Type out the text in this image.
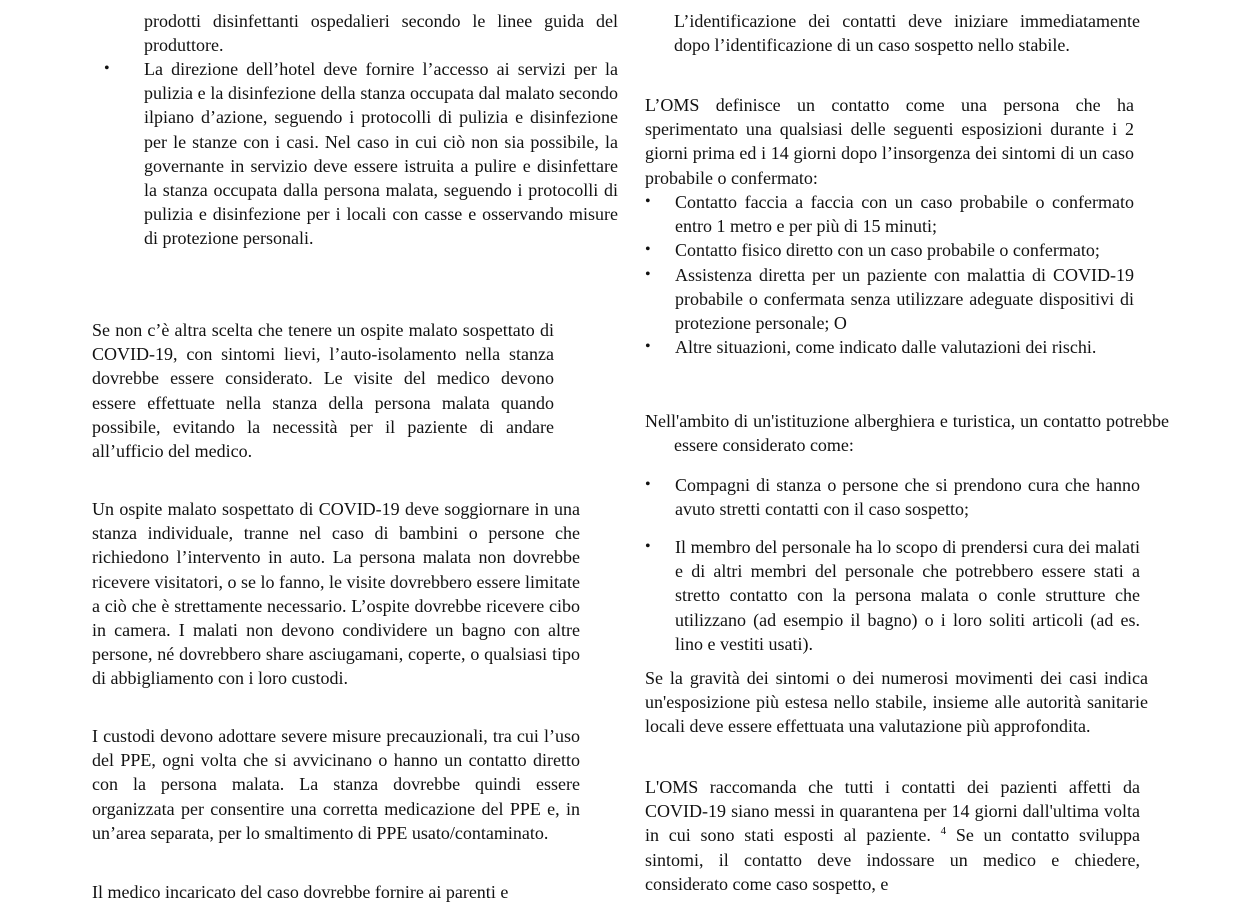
prodotti disinfettanti ospedalieri secondo le linee guida del produttore.
• La direzione dell’hotel deve fornire l’accesso ai servizi per la pulizia e la disinfezione della stanza occupata dal malato secondo ilpiano d’azione, seguendo i protocolli di pulizia e disinfezione per le stanze con i casi. Nel caso in cui ciò non sia possibile, la governante in servizio deve essere istruita a pulire e disinfettare la stanza occupata dalla persona malata, seguendo i protocolli di pulizia e disinfezione per i locali con casse e osservando misure di protezione personali.

Se non c’è altra scelta che tenere un ospite malato sospettato di COVID-19, con sintomi lievi, l’auto-isolamento nella stanza dovrebbe essere considerato. Le visite del medico devono essere effettuate nella stanza della persona malata quando possibile, evitando la necessità per il paziente di andare all’ufficio del medico.

Un ospite malato sospettato di COVID-19 deve soggiornare in una stanza individuale, tranne nel caso di bambini o persone che richiedono l’intervento in auto. La persona malata non dovrebbe ricevere visitatori, o se lo fanno, le visite dovrebbero essere limitate a ciò che è strettamente necessario. L’ospite dovrebbe ricevere cibo in camera. I malati non devono condividere un bagno con altre persone, né dovrebbero share asciugamani, coperte, o qualsiasi tipo di abbigliamento con i loro custodi.

I custodi devono adottare severe misure precauzionali, tra cui l’uso del PPE, ogni volta che si avvicinano o hanno un contatto diretto con la persona malata. La stanza dovrebbe quindi essere organizzata per consentire una corretta medicazione del PPE e, in un’area separata, per lo smaltimento di PPE usato/contaminato.

Il medico incaricato del caso dovrebbe fornire ai parenti e

L’identificazione dei contatti deve iniziare immediatamente dopo l’identificazione di un caso sospetto nello stabile.

L’OMS definisce un contatto come una persona che ha sperimentato una qualsiasi delle seguenti esposizioni durante i 2 giorni prima ed i 14 giorni dopo l’insorgenza dei sintomi di un caso probabile o confermato:

• Contatto faccia a faccia con un caso probabile o confermato entro 1 metro e per più di 15 minuti;
• Contatto fisico diretto con un caso probabile o confermato;
• Assistenza diretta per un paziente con malattia di COVID-19 probabile o confermata senza utilizzare adeguate dispositivi di protezione personale; O
• Altre situazioni, come indicato dalle valutazioni dei rischi.

Nell'ambito di un'istituzione alberghiera e turistica, un contatto potrebbe essere considerato come:

• Compagni di stanza o persone che si prendono cura che hanno avuto stretti contatti con il caso sospetto;
• Il membro del personale ha lo scopo di prendersi cura dei malati e di altri membri del personale che potrebbero essere stati a stretto contatto con la persona malata o conle strutture che utilizzano (ad esempio il bagno) o i loro soliti articoli (ad es. lino e vestiti usati).

Se la gravità dei sintomi o dei numerosi movimenti dei casi indica un'esposizione più estesa nello stabile, insieme alle autorità sanitarie locali deve essere effettuata una valutazione più approfondita.

L'OMS raccomanda che tutti i contatti dei pazienti affetti da COVID-19 siano messi in quarantena per 14 giorni dall'ultima volta in cui sono stati esposti al paziente. $^4$ Se un contatto sviluppa sintomi, il contatto deve indossare un medico e chiedere, considerato come caso sospetto, e
